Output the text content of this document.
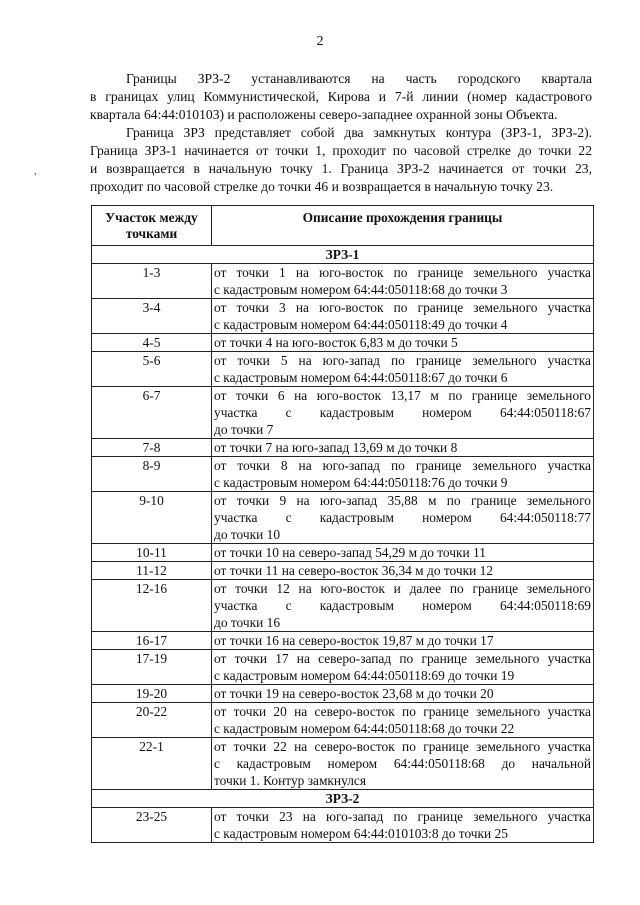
2
Границы ЗРЗ-2 устанавливаются на часть городского квартала
в границах улиц Коммунистической, Кирова и 7-й линии (номер кадастрового
квартала 64:44:010103) и расположены северо-западнее охранной зоны Объекта.
Граница ЗРЗ представляет собой два замкнутых контура (ЗРЗ-1, ЗРЗ-2).
Граница ЗРЗ-1 начинается от точки 1, проходит по часовой стрелке до точки 22
и возвращается в начальную точку 1. Граница ЗРЗ-2 начинается от точки 23,
проходит по часовой стрелке до точки 46 и возвращается в начальную точку 23.
,
Участок между точками	Описание прохождения границы
ЗРЗ-1	
1-3	от точки 1 на юго-восток по границе земельного участка
с кадастровым номером 64:44:050118:68 до точки 3

3-4	от точки 3 на юго-восток по границе земельного участка
с кадастровым номером 64:44:050118:49 до точки 4

4-5	от точки 4 на юго-восток 6,83 м до точки 5

5-6	от точки 5 на юго-запад по границе земельного участка
с кадастровым номером 64:44:050118:67 до точки 6

6-7	от точки 6 на юго-восток 13,17 м по границе земельного
участка с кадастровым номером 64:44:050118:67
до точки 7

7-8	от точки 7 на юго-запад 13,69 м до точки 8

8-9	от точки 8 на юго-запад по границе земельного участка
с кадастровым номером 64:44:050118:76 до точки 9

9-10	от точки 9 на юго-запад 35,88 м по границе земельного
участка с кадастровым номером 64:44:050118:77
до точки 10

10-11	от точки 10 на северо-запад 54,29 м до точки 11

11-12	от точки 11 на северо-восток 36,34 м до точки 12

12-16	от точки 12 на юго-восток и далее по границе земельного
участка с кадастровым номером 64:44:050118:69
до точки 16

16-17	от точки 16 на северо-восток 19,87 м до точки 17

17-19	от точки 17 на северо-запад по границе земельного участка
с кадастровым номером 64:44:050118:69 до точки 19

19-20	от точки 19 на северо-восток 23,68 м до точки 20

20-22	от точки 20 на северо-восток по границе земельного участка
с кадастровым номером 64:44:050118:68 до точки 22

22-1	от точки 22 на северо-восток по границе земельного участка
с кадастровым номером 64:44:050118:68 до начальной
точки 1. Контур замкнулся

ЗРЗ-2	
23-25	от точки 23 на юго-запад по границе земельного участка
с кадастровым номером 64:44:010103:8 до точки 25
